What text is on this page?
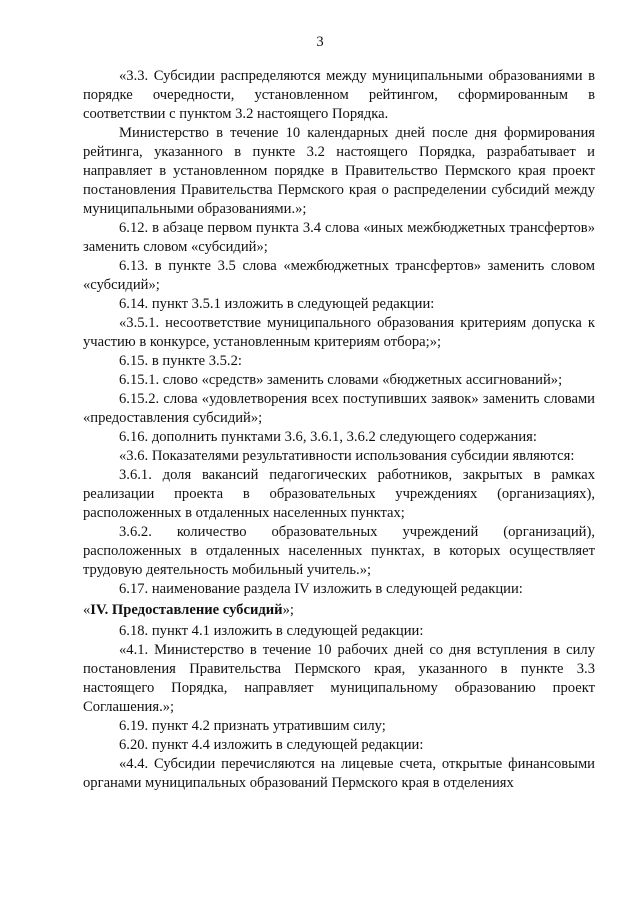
3

«3.3. Субсидии распределяются между муниципальными образованиями в порядке очередности, установленном рейтингом, сформированным в соответствии с пунктом 3.2 настоящего Порядка.

Министерство в течение 10 календарных дней после дня формирования рейтинга, указанного в пункте 3.2 настоящего Порядка, разрабатывает и направляет в установленном порядке в Правительство Пермского края проект постановления Правительства Пермского края о распределении субсидий между муниципальными образованиями.»;

6.12. в абзаце первом пункта 3.4 слова «иных межбюджетных трансфертов» заменить словом «субсидий»;

6.13. в пункте 3.5 слова «межбюджетных трансфертов» заменить словом «субсидий»;

6.14. пункт 3.5.1 изложить в следующей редакции:

«3.5.1. несоответствие муниципального образования критериям допуска к участию в конкурсе, установленным критериям отбора;»;

6.15. в пункте 3.5.2:

6.15.1. слово «средств» заменить словами «бюджетных ассигнований»;

6.15.2. слова «удовлетворения всех поступивших заявок» заменить словами «предоставления субсидий»;

6.16. дополнить пунктами 3.6, 3.6.1, 3.6.2 следующего содержания:

«3.6. Показателями результативности использования субсидии являются:

3.6.1. доля вакансий педагогических работников, закрытых в рамках реализации проекта в образовательных учреждениях (организациях), расположенных в отдаленных населенных пунктах;

3.6.2. количество образовательных учреждений (организаций), расположенных в отдаленных населенных пунктах, в которых осуществляет трудовую деятельность мобильный учитель.»;

6.17. наименование раздела IV изложить в следующей редакции:

«IV. Предоставление субсидий»;

6.18. пункт 4.1 изложить в следующей редакции:

«4.1. Министерство в течение 10 рабочих дней со дня вступления в силу постановления Правительства Пермского края, указанного в пункте 3.3 настоящего Порядка, направляет муниципальному образованию проект Соглашения.»;

6.19. пункт 4.2 признать утратившим силу;

6.20. пункт 4.4 изложить в следующей редакции:

«4.4. Субсидии перечисляются на лицевые счета, открытые финансовыми органами муниципальных образований Пермского края в отделениях
